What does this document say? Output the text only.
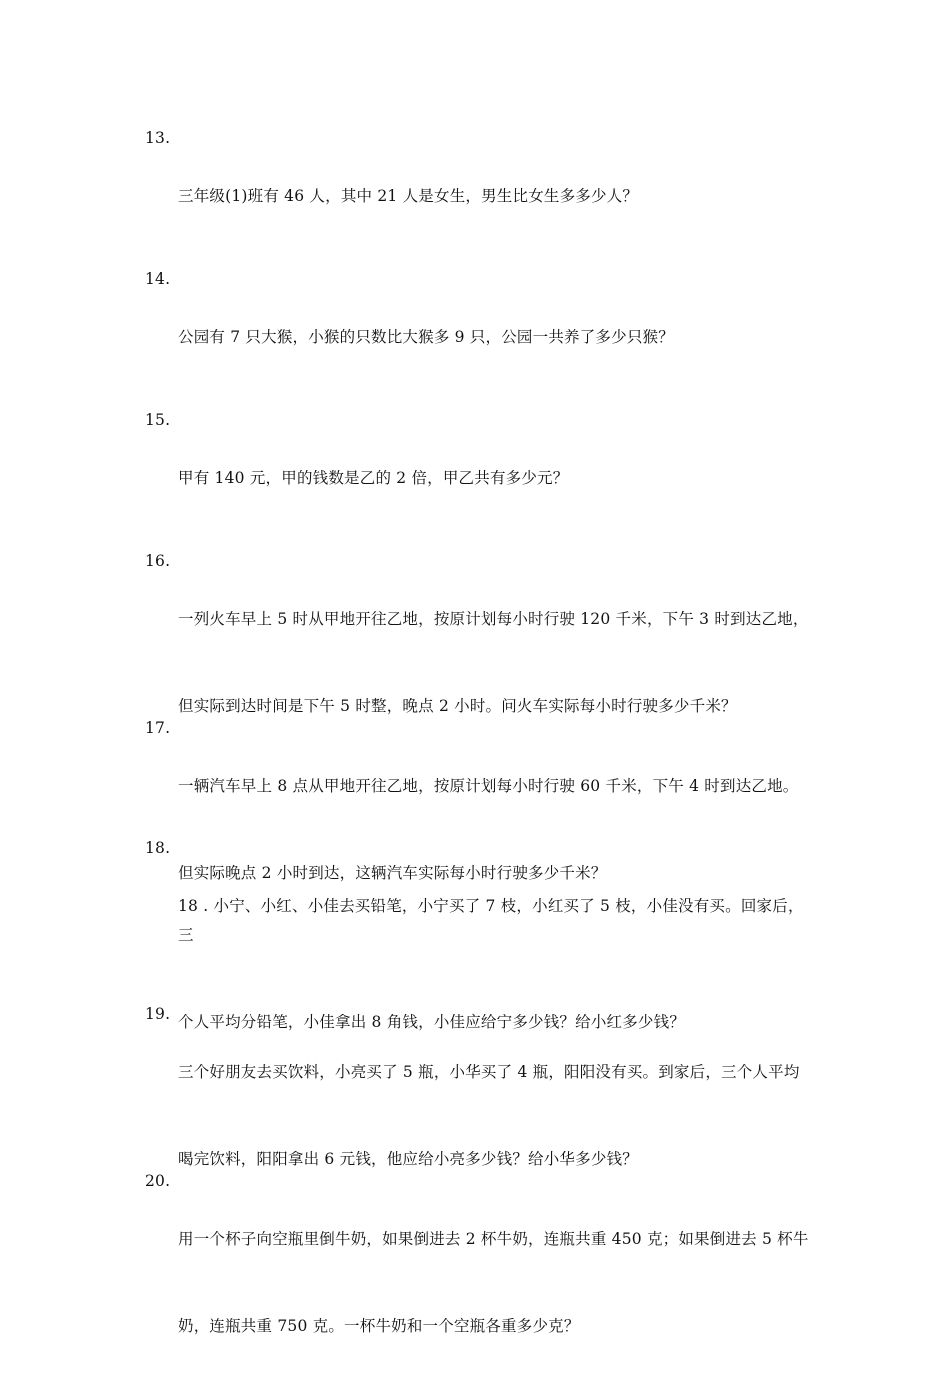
13.

三年级(1)班有 46 人，其中 21 人是女生，男生比女生多多少人？

14.

公园有 7 只大猴，小猴的只数比大猴多 9 只，公园一共养了多少只猴？

15.

甲有 140 元，甲的钱数是乙的 2 倍，甲乙共有多少元？

16.

一列火车早上 5 时从甲地开往乙地，按原计划每小时行驶 120 千米，下午 3 时到达乙地，

但实际到达时间是下午 5 时整，晚点 2 小时。问火车实际每小时行驶多少千米？

17.

一辆汽车早上 8 点从甲地开往乙地，按原计划每小时行驶 60 千米，下午 4 时到达乙地。

但实际晚点 2 小时到达，这辆汽车实际每小时行驶多少千米？

18.

18 . 小宁、小红、小佳去买铅笔，小宁买了 7 枝，小红买了 5 枝，小佳没有买。回家后，三

个人平均分铅笔，小佳拿出 8 角钱，小佳应给宁多少钱？给小红多少钱？

19.

三个好朋友去买饮料，小亮买了 5 瓶，小华买了 4 瓶，阳阳没有买。到家后，三个人平均

喝完饮料，阳阳拿出 6 元钱，他应给小亮多少钱？给小华多少钱？

20.

用一个杯子向空瓶里倒牛奶，如果倒进去 2 杯牛奶，连瓶共重 450 克；如果倒进去 5 杯牛

奶，连瓶共重 750 克。一杯牛奶和一个空瓶各重多少克？
